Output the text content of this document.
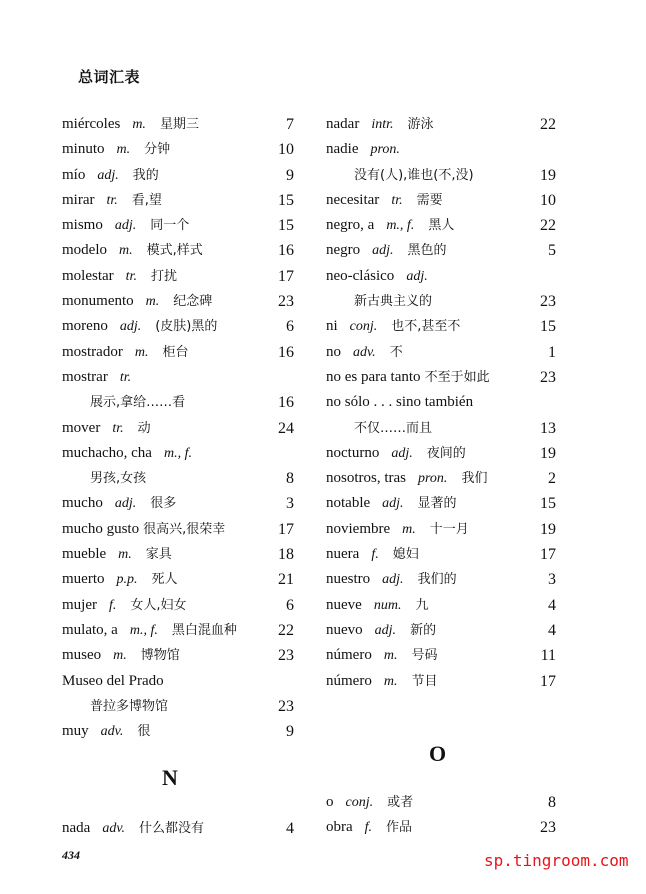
总词汇表
miércoles m. 星期三	7
minuto m. 分钟	10
mío adj. 我的	9
mirar tr. 看,望	15
mismo adj. 同一个	15
modelo m. 模式,样式	16
molestar tr. 打扰	17
monumento m. 纪念碑	23
moreno adj. (皮肤)黑的	6
mostrador m. 柜台	16
mostrar tr.
展示,拿给……看	16
mover tr. 动	24
muchacho, cha m., f.
男孩,女孩	8
mucho adj. 很多	3
mucho gusto 很高兴,很荣幸	17
mueble m. 家具	18
muerto p.p. 死人	21
mujer f. 女人,妇女	6
mulato, a m., f. 黑白混血种	22
museo m. 博物馆	23
Museo del Prado
普拉多博物馆	23
muy adv. 很	9
N
nada adv. 什么都没有	4
nadar intr. 游泳	22
nadie pron.
没有(人),谁也(不,没)	19
necesitar tr. 需要	10
negro, a m., f. 黑人	22
negro adj. 黑色的	5
neo-clásico adj.
新古典主义的	23
ni conj. 也不,甚至不	15
no adv. 不	1
no es para tanto 不至于如此	23
no sólo . . . sino también
不仅……而且	13
nocturno adj. 夜间的	19
nosotros, tras pron. 我们	2
notable adj. 显著的	15
noviembre m. 十一月	19
nuera f. 媳妇	17
nuestro adj. 我们的	3
nueve num. 九	4
nuevo adj. 新的	4
número m. 号码	11
número m. 节目	17
O
o conj. 或者	8
obra f. 作品	23
434	sp.tingroom.com
